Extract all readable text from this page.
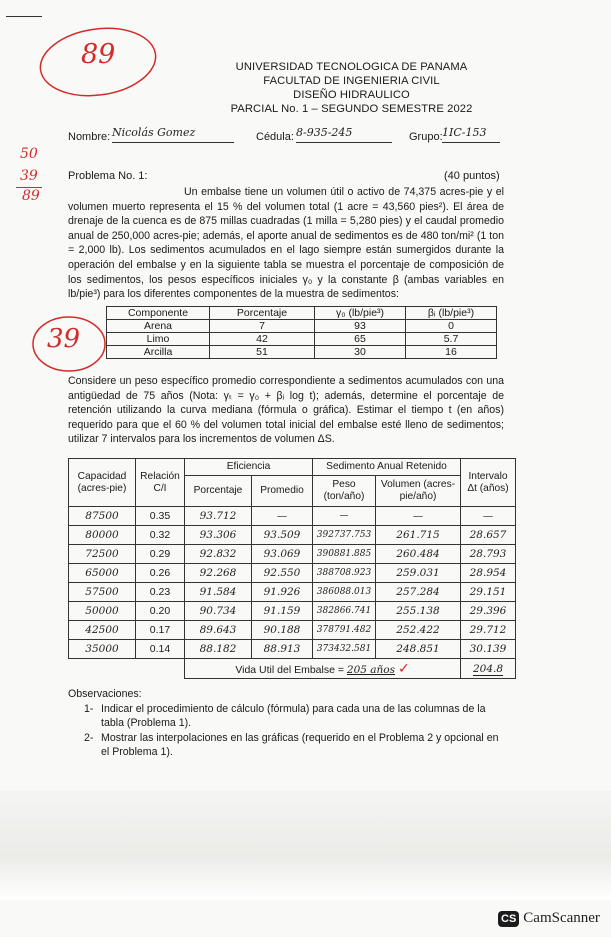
89	UNIVERSIDAD TECNOLOGICA DE PANAMA
FACULTAD DE INGENIERIA CIVIL
DISEÑO HIDRAULICO
PARCIAL No. 1 – SEGUNDO SEMESTRE 2022
Nombre: Nicolás Gomez	Cédula: 8-935-245	Grupo: 1IC-153
50
39
89
Problema No. 1:	(40 puntos)
Un embalse tiene un volumen útil o activo de 74,375 acres-pie y el volumen muerto representa el 15 % del volumen total (1 acre = 43,560 pies²). El área de drenaje de la cuenca es de 875 millas cuadradas (1 milla = 5,280 pies) y el caudal promedio anual de 250,000 acres-pie; además, el aporte anual de sedimentos es de 480 ton/mi² (1 ton = 2,000 lb). Los sedimentos acumulados en el lago siempre están sumergidos durante la operación del embalse y en la siguiente tabla se muestra el porcentaje de composición de los sedimentos, los pesos específicos iniciales γ₀ y la constante β (ambas variables en lb/pie³) para los diferentes componentes de la muestra de sedimentos:
Componente	Porcentaje	γ₀ (lb/pie³)	βᵢ (lb/pie³)
Arena	7	93	0
Limo	42	65	5.7
Arcilla	51	30	16
39
Considere un peso específico promedio correspondiente a sedimentos acumulados con una antigüedad de 75 años (Nota: γₜ = γ₀ + βᵢ log t); además, determine el porcentaje de retención utilizando la curva mediana (fórmula o gráfica). Estimar el tiempo t (en años) requerido para que el 60 % del volumen total inicial del embalse esté lleno de sedimentos; utilizar 7 intervalos para los incrementos de volumen ΔS.
Capacidad (acres-pie)	Relación C/I	Eficiencia		Sedimento Anual Retenido		Intervalo Δt (años)
		Porcentaje	Promedio	Peso (ton/año)	Volumen (acres-pie/año)	
87500	0.35	93.712	—	—	—	—
80000	0.32	93.306	93.509	392737.753	261.715	28.657
72500	0.29	92.832	93.069	390881.885	260.484	28.793
65000	0.26	92.268	92.550	388708.923	259.031	28.954
57500	0.23	91.584	91.926	386088.013	257.284	29.151
50000	0.20	90.734	91.159	382866.741	255.138	29.396
42500	0.17	89.643	90.188	378791.482	252.422	29.712
35000	0.14	88.182	88.913	373432.581	248.851	30.139
		Vida Util del Embalse = 205 años ✓				204.8
Observaciones:
1- Indicar el procedimiento de cálculo (fórmula) para cada una de las columnas de la tabla (Problema 1).
2- Mostrar las interpolaciones en las gráficas (requerido en el Problema 2 y opcional en el Problema 1).
CS CamScanner
